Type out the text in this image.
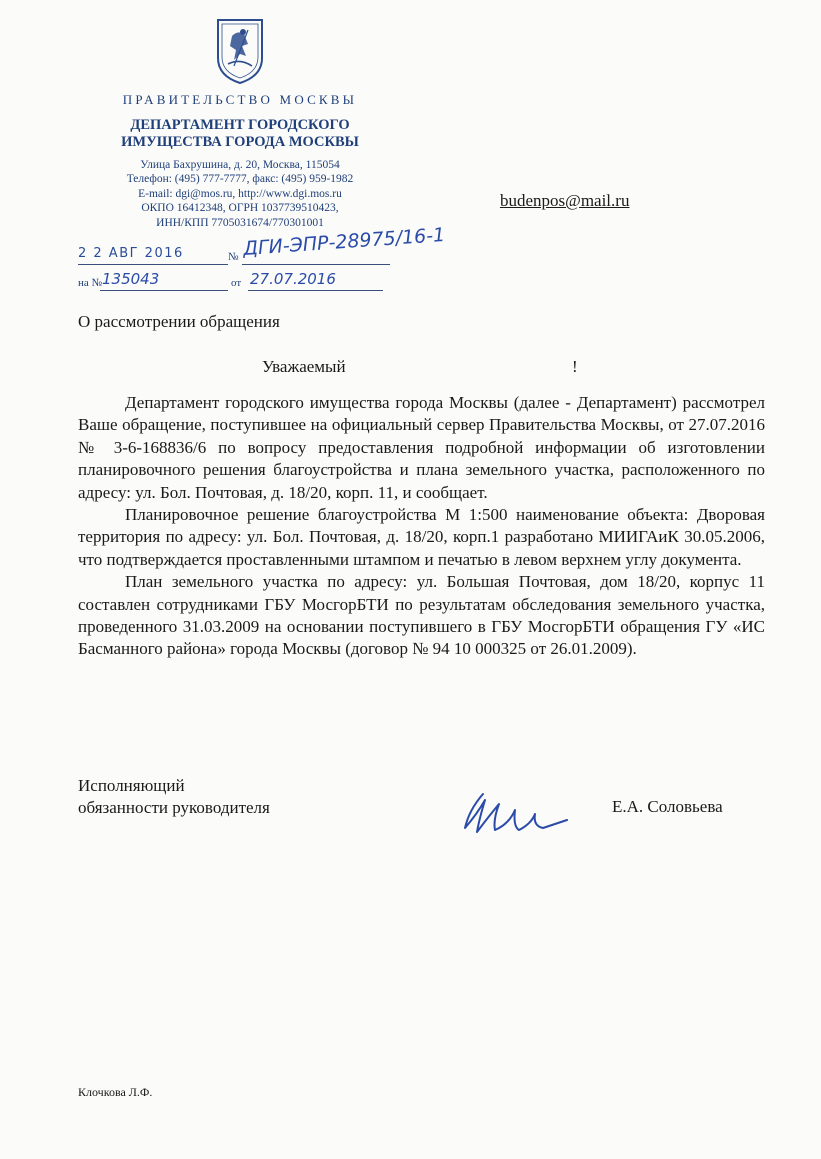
ПРАВИТЕЛЬСТВО МОСКВЫ
ДЕПАРТАМЕНТ ГОРОДСКОГО
ИМУЩЕСТВА ГОРОДА МОСКВЫ
Улица Бахрушина, д. 20, Москва, 115054
Телефон: (495) 777-7777, факс: (495) 959-1982
E-mail: dgi@mos.ru, http://www.dgi.mos.ru
ОКПО 16412348, ОГРН 1037739510423,
ИНН/КПП 7705031674/770301001
2 2 АВГ 2016	№ ДГИ-ЭПР-28975/16-1
на № 135043	от 27.07.2016
budenpos@mail.ru
О рассмотрении обращения
Уважаемый	!

Департамент городского имущества города Москвы (далее - Департамент) рассмотрел Ваше обращение, поступившее на официальный сервер Правительства Москвы, от 27.07.2016 № 3-6-168836/6 по вопросу предоставления подробной информации об изготовлении планировочного решения благоустройства и плана земельного участка, расположенного по адресу: ул. Бол. Почтовая, д. 18/20, корп. 11, и сообщает.

Планировочное решение благоустройства М 1:500 наименование объекта: Дворовая территория по адресу: ул. Бол. Почтовая, д. 18/20, корп.1 разработано МИИГАиК 30.05.2006, что подтверждается проставленными штампом и печатью в левом верхнем углу документа.

План земельного участка по адресу: ул. Большая Почтовая, дом 18/20, корпус 11 составлен сотрудниками ГБУ МосгорБТИ по результатам обследования земельного участка, проведенного 31.03.2009 на основании поступившего в ГБУ МосгорБТИ обращения ГУ «ИС Басманного района» города Москвы (договор № 94 10 000325 от 26.01.2009).

Исполняющий
обязанности руководителя	Е.А. Соловьева
Клочкова Л.Ф.
